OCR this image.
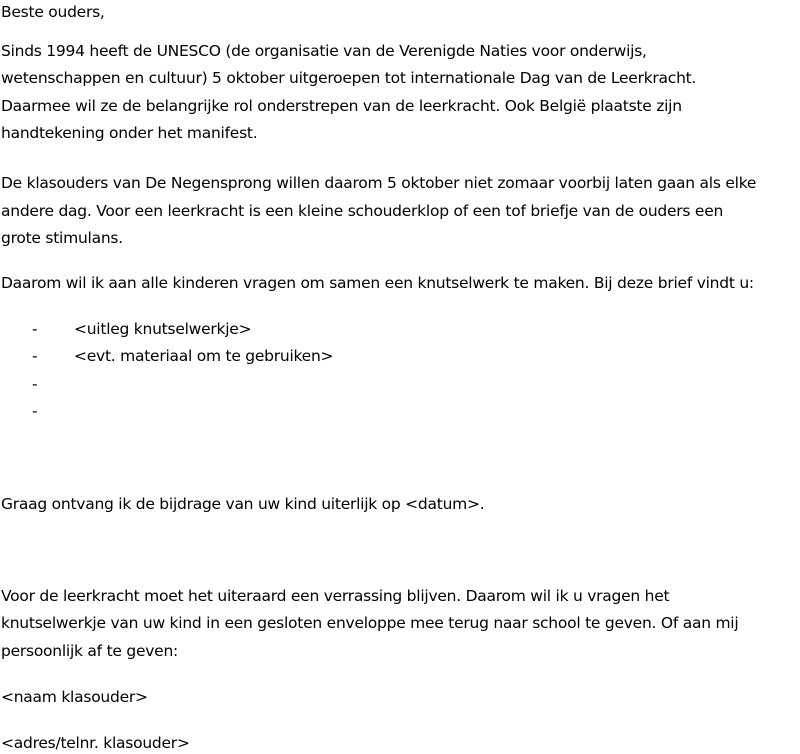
Beste ouders,
Sinds 1994 heeft de UNESCO (de organisatie van de Verenigde Naties voor onderwijs,
wetenschappen en cultuur) 5 oktober uitgeroepen tot internationale Dag van de Leerkracht.
Daarmee wil ze de belangrijke rol onderstrepen van de leerkracht. Ook België plaatste zijn
handtekening onder het manifest.
De klasouders van De Negensprong willen daarom 5 oktober niet zomaar voorbij laten gaan als elke
andere dag. Voor een leerkracht is een kleine schouderklop of een tof briefje van de ouders een
grote stimulans.
Daarom wil ik aan alle kinderen vragen om samen een knutselwerk te maken. Bij deze brief vindt u:
- <uitleg knutselwerkje>
- <evt. materiaal om te gebruiken>
-
-
Graag ontvang ik de bijdrage van uw kind uiterlijk op <datum>.
Voor de leerkracht moet het uiteraard een verrassing blijven. Daarom wil ik u vragen het
knutselwerkje van uw kind in een gesloten enveloppe mee terug naar school te geven. Of aan mij
persoonlijk af te geven:
<naam klasouder>
<adres/telnr. klasouder>
